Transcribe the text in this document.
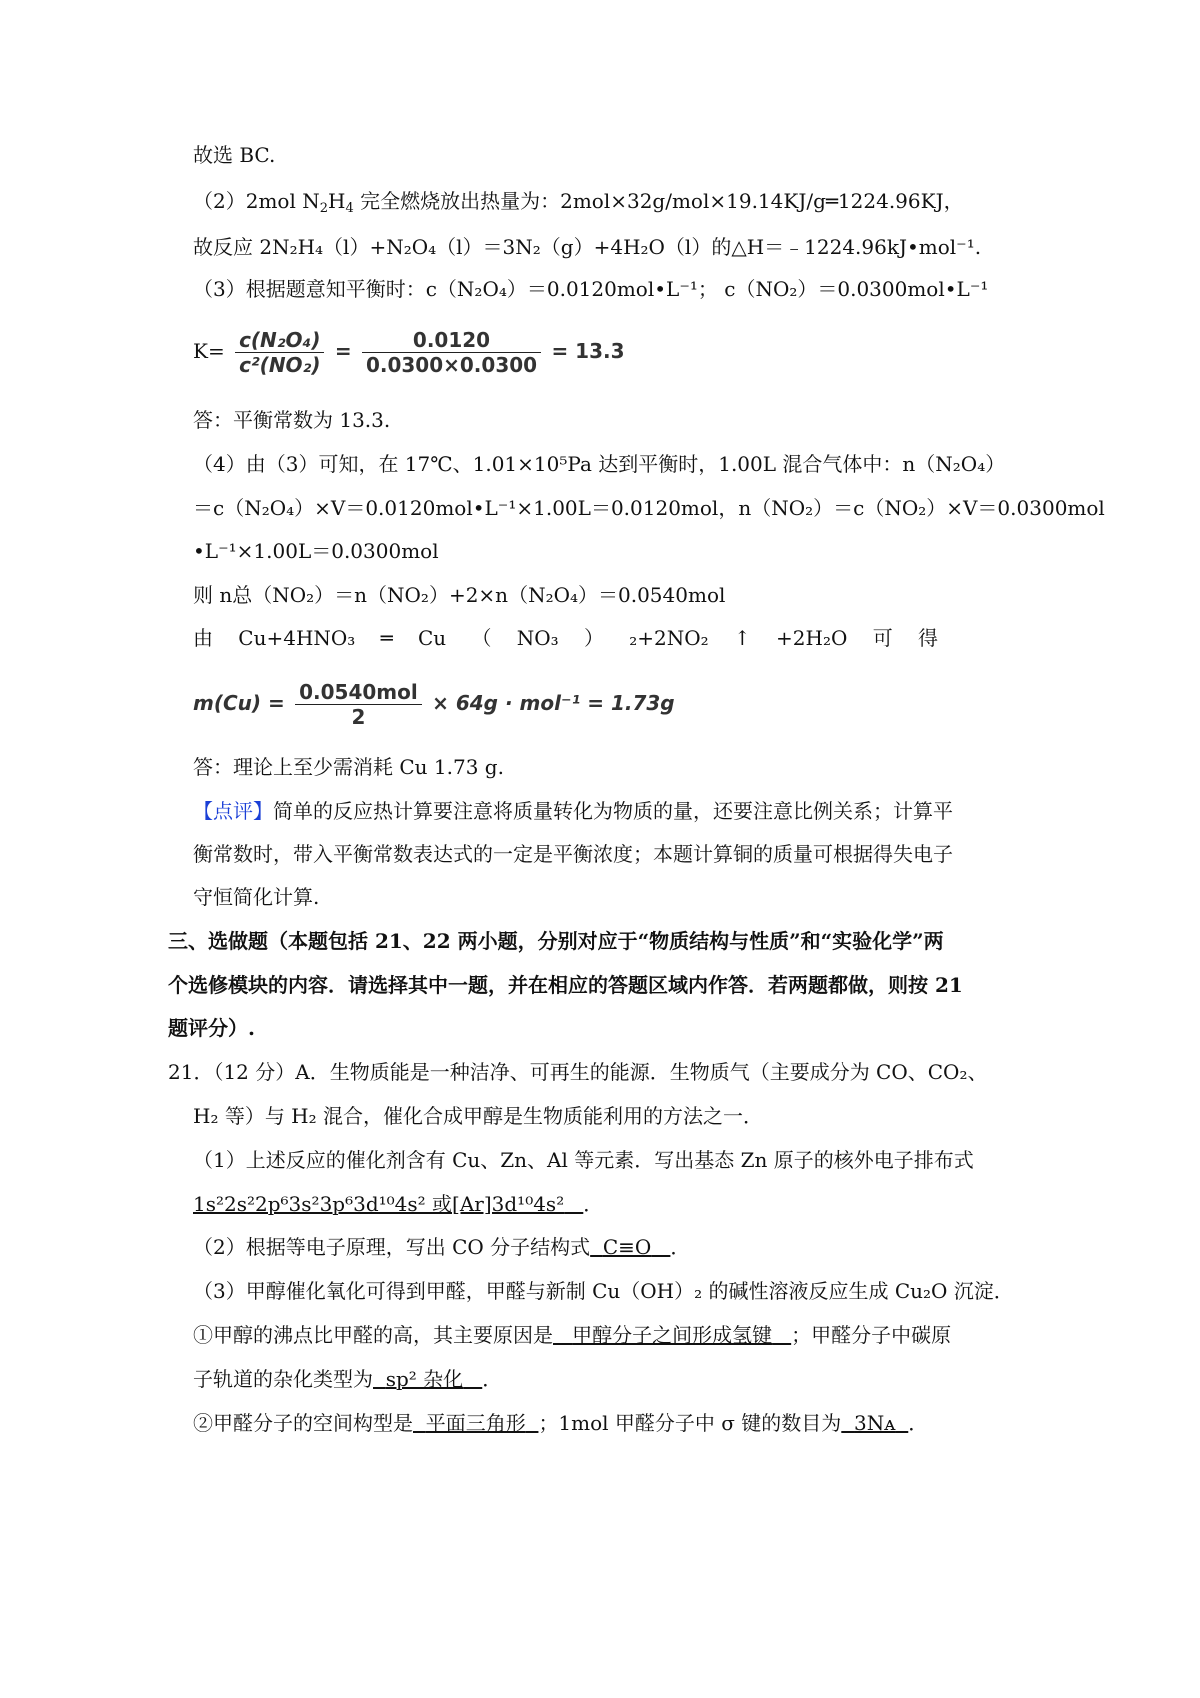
故选 BC.
（2）2mol $N_2H_4$ 完全燃烧放出热量为：2mol×32g/mol×19.14KJ/g═1224.96KJ，
故反应 2N₂H₄（l）+N₂O₄（l）＝3N₂（g）+4H₂O（l）的△H＝﹣1224.96kJ•mol⁻¹.
（3）根据题意知平衡时：c（N₂O₄）＝0.0120mol•L⁻¹； c（NO₂）＝0.0300mol•L⁻¹
$K= \frac{\text{c(N₂O₄)}}{\text{c²(NO₂)}} = \frac{0.0120}{0.0300\times 0.0300} = 13.3$
答：平衡常数为 13.3.
（4）由（3）可知，在 17℃、1.01×10⁵Pa 达到平衡时，1.00L 混合气体中：n（N₂O₄）
＝c（N₂O₄）×V＝0.0120mol•L⁻¹×1.00L＝0.0120mol，n（NO₂）＝c（NO₂）×V＝0.0300mol
•L⁻¹×1.00L＝0.0300mol
则 n总（NO₂）＝n（NO₂）+2×n（N₂O₄）＝0.0540mol
由 Cu+4HNO₃ ═ Cu （ NO₃ ） ₂+2NO₂ ↑ +2H₂O 可 得
$m(Cu) = \frac{\text{0.0540mol}}{2} \times 64g \cdot mol^{-1} = 1.73g$
答：理论上至少需消耗 Cu 1.73 g.
【点评】简单的反应热计算要注意将质量转化为物质的量，还要注意比例关系；计算平
衡常数时，带入平衡常数表达式的一定是平衡浓度；本题计算铜的质量可根据得失电子
守恒简化计算.
三、选做题（本题包括 21、22 两小题，分别对应于“物质结构与性质”和“实验化学”两
个选修模块的内容．请选择其中一题，并在相应的答题区域内作答．若两题都做，则按 21
题评分）.
21．（12 分）A．生物质能是一种洁净、可再生的能源．生物质气（主要成分为 CO、CO₂、
H₂ 等）与 H₂ 混合，催化合成甲醇是生物质能利用的方法之一．
（1）上述反应的催化剂含有 Cu、Zn、Al 等元素．写出基态 Zn 原子的核外电子排布式
1s²2s²2p⁶3s²3p⁶3d¹⁰4s² 或[Ar]3d¹⁰4s² ．
（2）根据等电子原理，写出 CO 分子结构式 C≡O ．
（3）甲醇催化氧化可得到甲醛，甲醛与新制 Cu（OH）₂ 的碱性溶液反应生成 Cu₂O 沉淀．
①甲醇的沸点比甲醛的高，其主要原因是 甲醇分子之间形成氢键 ；甲醛分子中碳原
子轨道的杂化类型为 sp² 杂化 ．
②甲醛分子的空间构型是 平面三角形 ；1mol 甲醛分子中 σ 键的数目为 3Nᴀ ．
